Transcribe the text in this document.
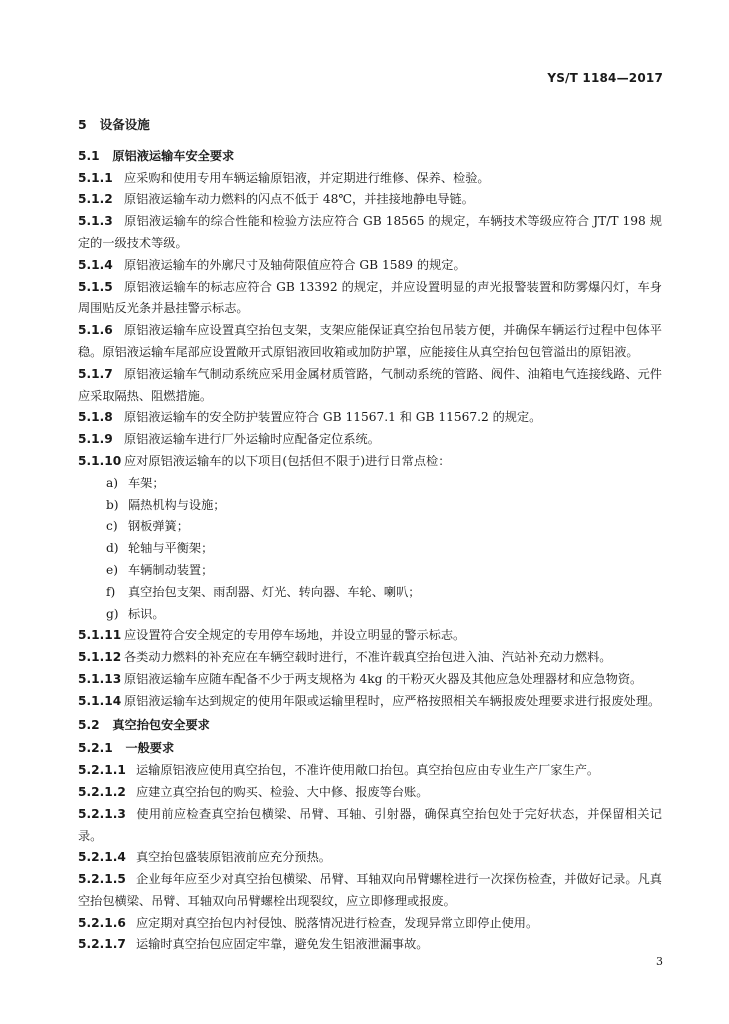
YS/T 1184—2017
5 设备设施
5.1 原铝液运输车安全要求
5.1.1 应采购和使用专用车辆运输原铝液，并定期进行维修、保养、检验。
5.1.2 原铝液运输车动力燃料的闪点不低于 48℃，并挂接地静电导链。
5.1.3 原铝液运输车的综合性能和检验方法应符合 GB 18565 的规定，车辆技术等级应符合 JT/T 198 规定的一级技术等级。
5.1.4 原铝液运输车的外廓尺寸及轴荷限值应符合 GB 1589 的规定。
5.1.5 原铝液运输车的标志应符合 GB 13392 的规定，并应设置明显的声光报警装置和防雾爆闪灯，车身周围贴反光条并悬挂警示标志。
5.1.6 原铝液运输车应设置真空抬包支架，支架应能保证真空抬包吊装方便，并确保车辆运行过程中包体平稳。原铝液运输车尾部应设置敞开式原铝液回收箱或加防护罩，应能接住从真空抬包包管溢出的原铝液。
5.1.7 原铝液运输车气制动系统应采用金属材质管路，气制动系统的管路、阀件、油箱电气连接线路、元件应采取隔热、阻燃措施。
5.1.8 原铝液运输车的安全防护装置应符合 GB 11567.1 和 GB 11567.2 的规定。
5.1.9 原铝液运输车进行厂外运输时应配备定位系统。
5.1.10 应对原铝液运输车的以下项目(包括但不限于)进行日常点检：
a) 车架；
b) 隔热机构与设施；
c) 钢板弹簧；
d) 轮轴与平衡架；
e) 车辆制动装置；
f) 真空抬包支架、雨刮器、灯光、转向器、车轮、喇叭；
g) 标识。
5.1.11 应设置符合安全规定的专用停车场地，并设立明显的警示标志。
5.1.12 各类动力燃料的补充应在车辆空载时进行，不准许载真空抬包进入油、汽站补充动力燃料。
5.1.13 原铝液运输车应随车配备不少于两支规格为 4kg 的干粉灭火器及其他应急处理器材和应急物资。
5.1.14 原铝液运输车达到规定的使用年限或运输里程时，应严格按照相关车辆报废处理要求进行报废处理。
5.2 真空抬包安全要求
5.2.1 一般要求
5.2.1.1 运输原铝液应使用真空抬包，不准许使用敞口抬包。真空抬包应由专业生产厂家生产。
5.2.1.2 应建立真空抬包的购买、检验、大中修、报废等台账。
5.2.1.3 使用前应检查真空抬包横梁、吊臂、耳轴、引射器，确保真空抬包处于完好状态，并保留相关记录。
5.2.1.4 真空抬包盛装原铝液前应充分预热。
5.2.1.5 企业每年应至少对真空抬包横梁、吊臂、耳轴双向吊臂螺栓进行一次探伤检查，并做好记录。凡真空抬包横梁、吊臂、耳轴双向吊臂螺栓出现裂纹，应立即修理或报废。
5.2.1.6 应定期对真空抬包内衬侵蚀、脱落情况进行检查，发现异常立即停止使用。
5.2.1.7 运输时真空抬包应固定牢靠，避免发生铝液泄漏事故。
3
